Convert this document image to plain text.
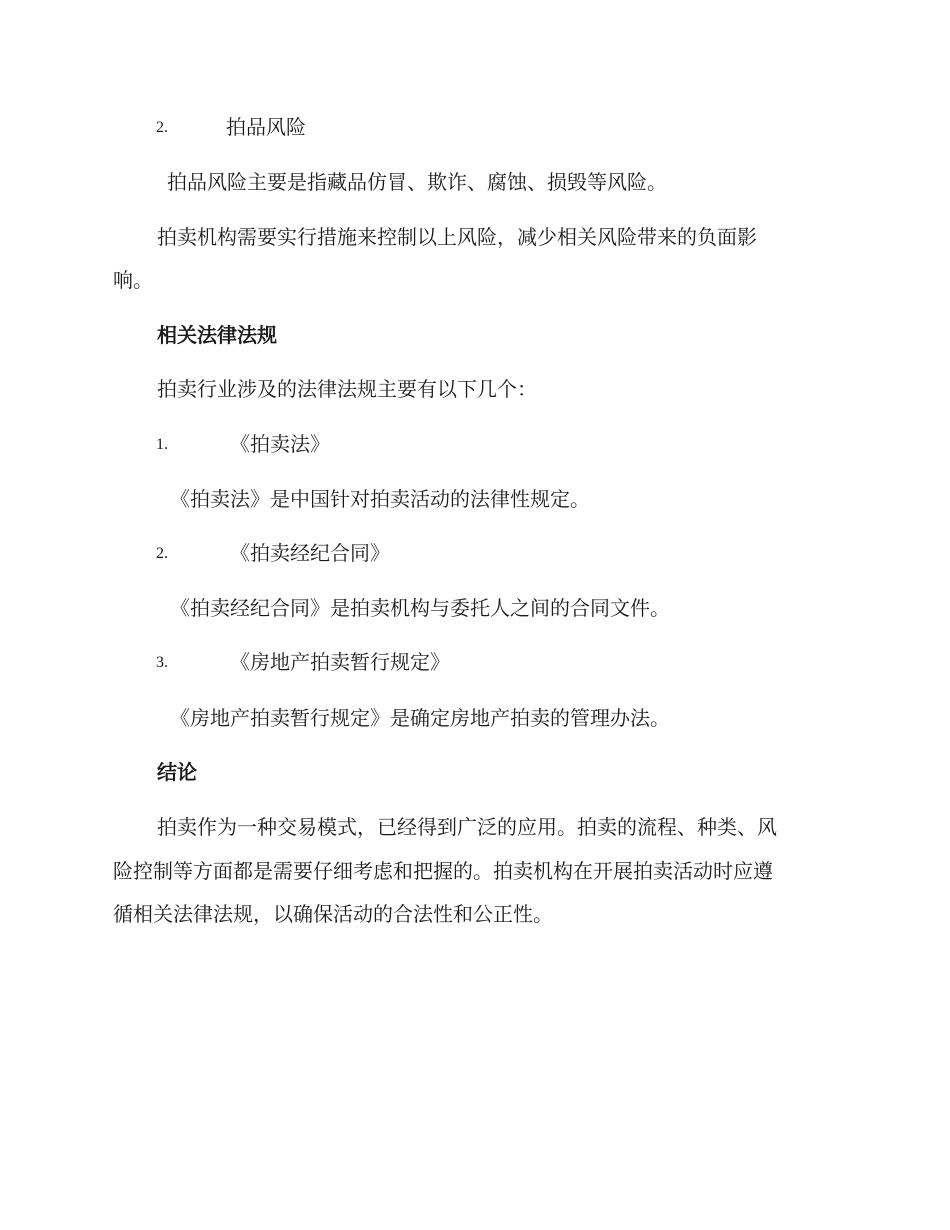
2.	拍品风险
拍品风险主要是指藏品仿冒、欺诈、腐蚀、损毁等风险。
拍卖机构需要实行措施来控制以上风险，减少相关风险带来的负面影
响。
相关法律法规
拍卖行业涉及的法律法规主要有以下几个：
1.	《拍卖法》
《拍卖法》是中国针对拍卖活动的法律性规定。
2.	《拍卖经纪合同》
《拍卖经纪合同》是拍卖机构与委托人之间的合同文件。
3.	《房地产拍卖暂行规定》
《房地产拍卖暂行规定》是确定房地产拍卖的管理办法。
结论
拍卖作为一种交易模式，已经得到广泛的应用。拍卖的流程、种类、风
险控制等方面都是需要仔细考虑和把握的。拍卖机构在开展拍卖活动时应遵
循相关法律法规，以确保活动的合法性和公正性。
